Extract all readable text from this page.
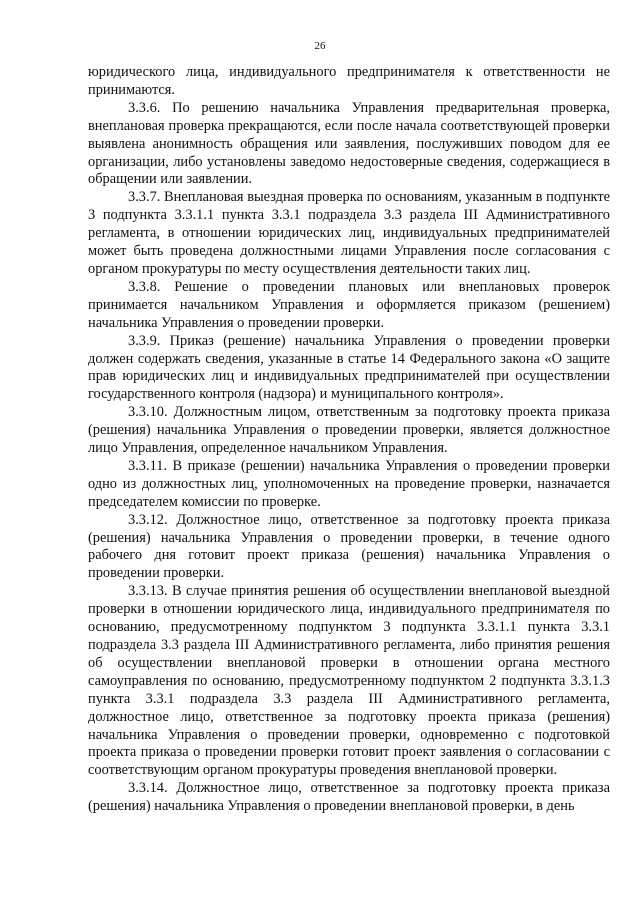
26

юридического лица, индивидуального предпринимателя к ответственности не принимаются.

3.3.6. По решению начальника Управления предварительная проверка, внеплановая проверка прекращаются, если после начала соответствующей проверки выявлена анонимность обращения или заявления, послуживших поводом для ее организации, либо установлены заведомо недостоверные сведения, содержащиеся в обращении или заявлении.

3.3.7. Внеплановая выездная проверка по основаниям, указанным в подпункте 3 подпункта 3.3.1.1 пункта 3.3.1 подраздела 3.3 раздела III Административного регламента, в отношении юридических лиц, индивидуальных предпринимателей может быть проведена должностными лицами Управления после согласования с органом прокуратуры по месту осуществления деятельности таких лиц.

3.3.8. Решение о проведении плановых или внеплановых проверок принимается начальником Управления и оформляется приказом (решением) начальника Управления о проведении проверки.

3.3.9. Приказ (решение) начальника Управления о проведении проверки должен содержать сведения, указанные в статье 14 Федерального закона «О защите прав юридических лиц и индивидуальных предпринимателей при осуществлении государственного контроля (надзора) и муниципального контроля».

3.3.10. Должностным лицом, ответственным за подготовку проекта приказа (решения) начальника Управления о проведении проверки, является должностное лицо Управления, определенное начальником Управления.

3.3.11. В приказе (решении) начальника Управления о проведении проверки одно из должностных лиц, уполномоченных на проведение проверки, назначается председателем комиссии по проверке.

3.3.12. Должностное лицо, ответственное за подготовку проекта приказа (решения) начальника Управления о проведении проверки, в течение одного рабочего дня готовит проект приказа (решения) начальника Управления о проведении проверки.

3.3.13. В случае принятия решения об осуществлении внеплановой выездной проверки в отношении юридического лица, индивидуального предпринимателя по основанию, предусмотренному подпунктом 3 подпункта 3.3.1.1 пункта 3.3.1 подраздела 3.3 раздела III Административного регламента, либо принятия решения об осуществлении внеплановой проверки в отношении органа местного самоуправления по основанию, предусмотренному подпунктом 2 подпункта 3.3.1.3 пункта 3.3.1 подраздела 3.3 раздела III Административного регламента, должностное лицо, ответственное за подготовку проекта приказа (решения) начальника Управления о проведении проверки, одновременно с подготовкой проекта приказа о проведении проверки готовит проект заявления о согласовании с соответствующим органом прокуратуры проведения внеплановой проверки.

3.3.14. Должностное лицо, ответственное за подготовку проекта приказа (решения) начальника Управления о проведении внеплановой проверки, в день
